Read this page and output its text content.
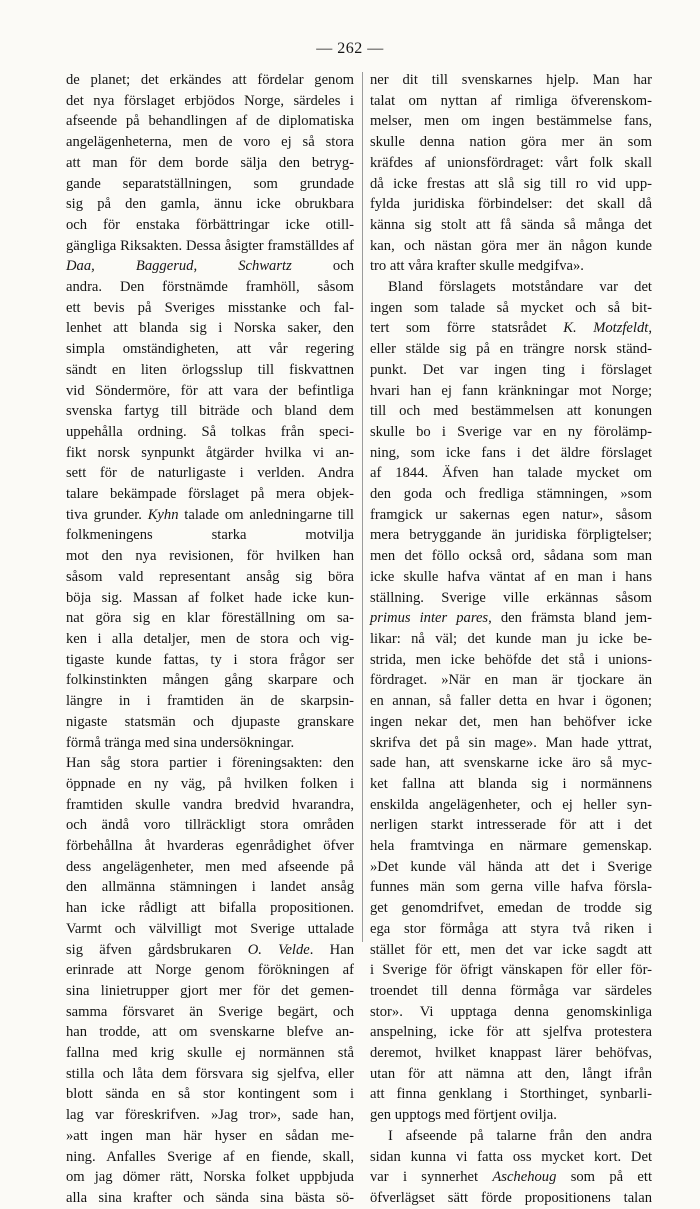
— 262 —
de planet; det erkändes att fördelar genom
det nya förslaget erbjödos Norge, särdeles i
afseende på behandlingen af de diplomatiska
angelägenheterna, men de voro ej så stora
att man för dem borde sälja den betryg-
gande separatställningen, som grundade
sig på den gamla, ännu icke obrukbara
och för enstaka förbättringar icke otill-
gängliga Riksakten. Dessa åsigter framställdes af Daa, Baggerud, Schwartz och
andra. Den förstnämde framhöll, såsom
ett bevis på Sveriges misstanke och fal-
lenhet att blanda sig i Norska saker, den
simpla omständigheten, att vår regering
sändt en liten örlogsslup till fiskvattnen
vid Söndermöre, för att vara der befintliga
svenska fartyg till biträde och bland dem
uppehålla ordning. Så tolkas från speci-
fikt norsk synpunkt åtgärder hvilka vi an-
sett för de naturligaste i verlden. Andra
talare bekämpade förslaget på mera objek-
tiva grunder. Kyhn talade om anledningarne till folkmeningens starka motvilja
mot den nya revisionen, för hvilken han
såsom vald representant ansåg sig böra
böja sig. Massan af folket hade icke kun-
nat göra sig en klar föreställning om sa-
ken i alla detaljer, men de stora och vig-
tigaste kunde fattas, ty i stora frågor ser
folkinstinkten mången gång skarpare och
längre in i framtiden än de skarpsin-
nigaste statsmän och djupaste granskare
förmå tränga med sina undersökningar.
Han såg stora partier i föreningsakten: den
öppnade en ny väg, på hvilken folken i
framtiden skulle vandra bredvid hvarandra,
och ändå voro tillräckligt stora områden
förbehållna åt hvarderas egenrådighet öfver
dess angelägenheter, men med afseende på
den allmänna stämningen i landet ansåg
han icke rådligt att bifalla propositionen.
Varmt och välvilligt mot Sverige uttalade
sig äfven gårdsbrukaren O. Velde. Han
erinrade att Norge genom förökningen af
sina linietrupper gjort mer för det gemen-
samma försvaret än Sverige begärt, och
han trodde, att om svenskarne blefve an-
fallna med krig skulle ej normännen stå
stilla och låta dem försvara sig sjelfva, eller
blott sända en så stor kontingent som i
lag var föreskrifven. »Jag tror», sade han,
»att ingen man här hyser en sådan me-
ning. Anfalles Sverige af en fiende, skall,
om jag dömer rätt, Norska folket uppbjuda
alla sina krafter och sända sina bästa sö-
ner dit till svenskarnes hjelp. Man har
talat om nyttan af rimliga öfverenskom-
melser, men om ingen bestämmelse fans,
skulle denna nation göra mer än som
kräfdes af unionsfördraget: vårt folk skall
då icke frestas att slå sig till ro vid upp-
fylda juridiska förbindelser: det skall då
känna sig stolt att få sända så många det
kan, och nästan göra mer än någon kunde
tro att våra krafter skulle medgifva».
Bland förslagets motståndare var det
ingen som talade så mycket och så bit-
tert som förre statsrådet K. Motzfeldt,
eller stälde sig på en trängre norsk ständ-
punkt. Det var ingen ting i förslaget
hvari han ej fann kränkningar mot Norge;
till och med bestämmelsen att konungen
skulle bo i Sverige var en ny förolämp-
ning, som icke fans i det äldre förslaget
af 1844. Äfven han talade mycket om
den goda och fredliga stämningen, »som
framgick ur sakernas egen natur», såsom
mera betryggande än juridiska förpligtelser;
men det föllo också ord, sådana som man
icke skulle hafva väntat af en man i hans
ställning. Sverige ville erkännas såsom
primus inter pares, den främsta bland jem-
likar: nå väl; det kunde man ju icke be-
strida, men icke behöfde det stå i unions-
fördraget. »När en man är tjockare än
en annan, så faller detta en hvar i ögonen;
ingen nekar det, men han behöfver icke
skrifva det på sin mage». Man hade yttrat,
sade han, att svenskarne icke äro så myc-
ket fallna att blanda sig i normännens
enskilda angelägenheter, och ej heller syn-
nerligen starkt intresserade för att i det
hela framtvinga en närmare gemenskap.
»Det kunde väl hända att det i Sverige
funnes män som gerna ville hafva försla-
get genomdrifvet, emedan de trodde sig
ega stor förmåga att styra två riken i
stället för ett, men det var icke sagdt att
i Sverige för öfrigt vänskapen för eller för-
troendet till denna förmåga var särdeles
stor». Vi upptaga denna genomskinliga
anspelning, icke för att sjelfva protestera
deremot, hvilket knappast lärer behöfvas,
utan för att nämna att den, långt ifrån
att finna genklang i Storthinget, synbarli-
gen upptogs med förtjent ovilja.
I afseende på talarne från den andra
sidan kunna vi fatta oss mycket kort. Det
var i synnerhet Aschehoug som på ett
öfverlägset sätt förde propositionens talan
